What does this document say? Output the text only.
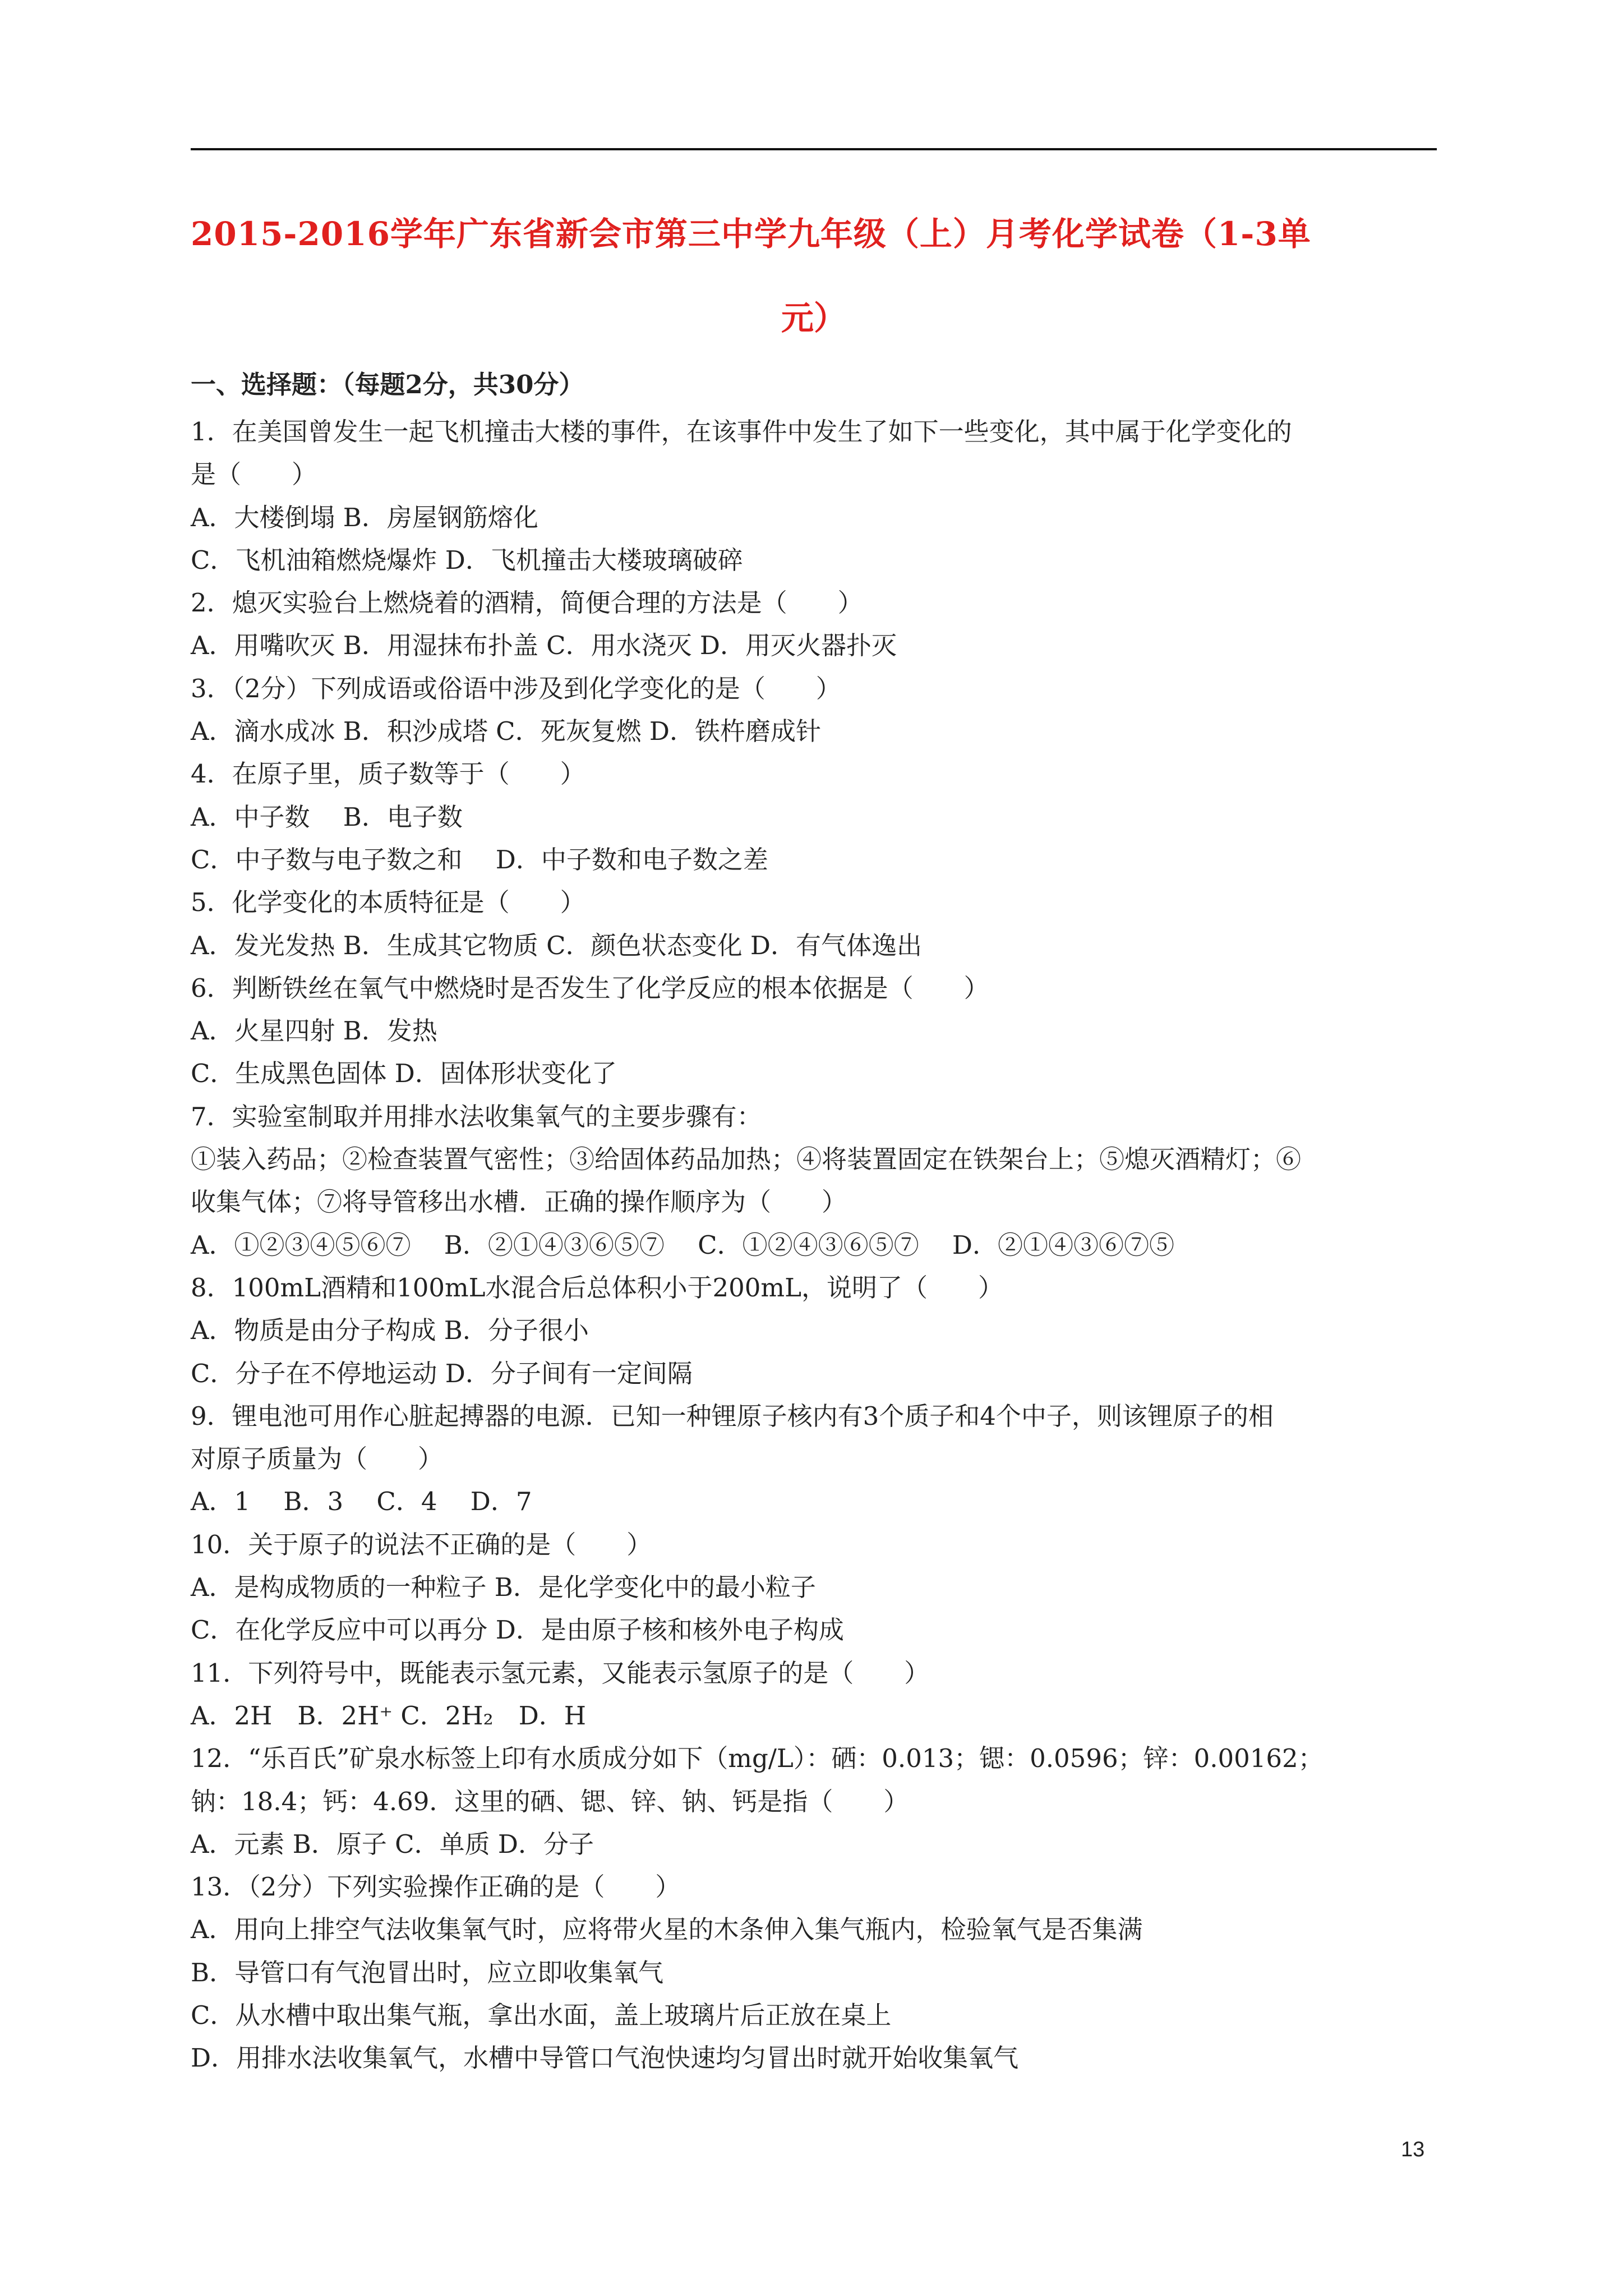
2015-2016学年广东省新会市第三中学九年级（上）月考化学试卷（1-3单
元）
一、选择题：（每题2分，共30分）
1．在美国曾发生一起飞机撞击大楼的事件，在该事件中发生了如下一些变化，其中属于化学变化的
是（　　）
A．大楼倒塌 B．房屋钢筋熔化
C．飞机油箱燃烧爆炸 D．飞机撞击大楼玻璃破碎
2．熄灭实验台上燃烧着的酒精，简便合理的方法是（　　）
A．用嘴吹灭 B．用湿抹布扑盖 C．用水浇灭 D．用灭火器扑灭
3．（2分）下列成语或俗语中涉及到化学变化的是（　　）
A．滴水成冰 B．积沙成塔 C．死灰复燃 D．铁杵磨成针
4．在原子里，质子数等于（　　）
A．中子数　 B．电子数
C．中子数与电子数之和　 D．中子数和电子数之差
5．化学变化的本质特征是（　　）
A．发光发热 B．生成其它物质 C．颜色状态变化 D．有气体逸出
6．判断铁丝在氧气中燃烧时是否发生了化学反应的根本依据是（　　）
A．火星四射 B．发热
C．生成黑色固体 D．固体形状变化了
7．实验室制取并用排水法收集氧气的主要步骤有：
①装入药品；②检查装置气密性；③给固体药品加热；④将装置固定在铁架台上；⑤熄灭酒精灯；⑥
收集气体；⑦将导管移出水槽．正确的操作顺序为（　　）
A．①②③④⑤⑥⑦　 B．②①④③⑥⑤⑦　 C．①②④③⑥⑤⑦　 D．②①④③⑥⑦⑤
8．100mL酒精和100mL水混合后总体积小于200mL，说明了（　　）
A．物质是由分子构成 B．分子很小
C．分子在不停地运动 D．分子间有一定间隔
9．锂电池可用作心脏起搏器的电源．已知一种锂原子核内有3个质子和4个中子，则该锂原子的相
对原子质量为（　　）
A．1　 B．3　 C．4　 D．7
10．关于原子的说法不正确的是（　　）
A．是构成物质的一种粒子 B．是化学变化中的最小粒子
C．在化学反应中可以再分 D．是由原子核和核外电子构成
11．下列符号中，既能表示氢元素，又能表示氢原子的是（　　）
A．2H　B．2H⁺ C．2H₂　D．H
12．“乐百氏”矿泉水标签上印有水质成分如下（mg/L）：硒：0.013；锶：0.0596；锌：0.00162；
钠：18.4；钙：4.69．这里的硒、锶、锌、钠、钙是指（　　）
A．元素 B．原子 C．单质 D．分子
13．（2分）下列实验操作正确的是（　　）
A．用向上排空气法收集氧气时，应将带火星的木条伸入集气瓶内，检验氧气是否集满
B．导管口有气泡冒出时，应立即收集氧气
C．从水槽中取出集气瓶，拿出水面，盖上玻璃片后正放在桌上
D．用排水法收集氧气，水槽中导管口气泡快速均匀冒出时就开始收集氧气
13
